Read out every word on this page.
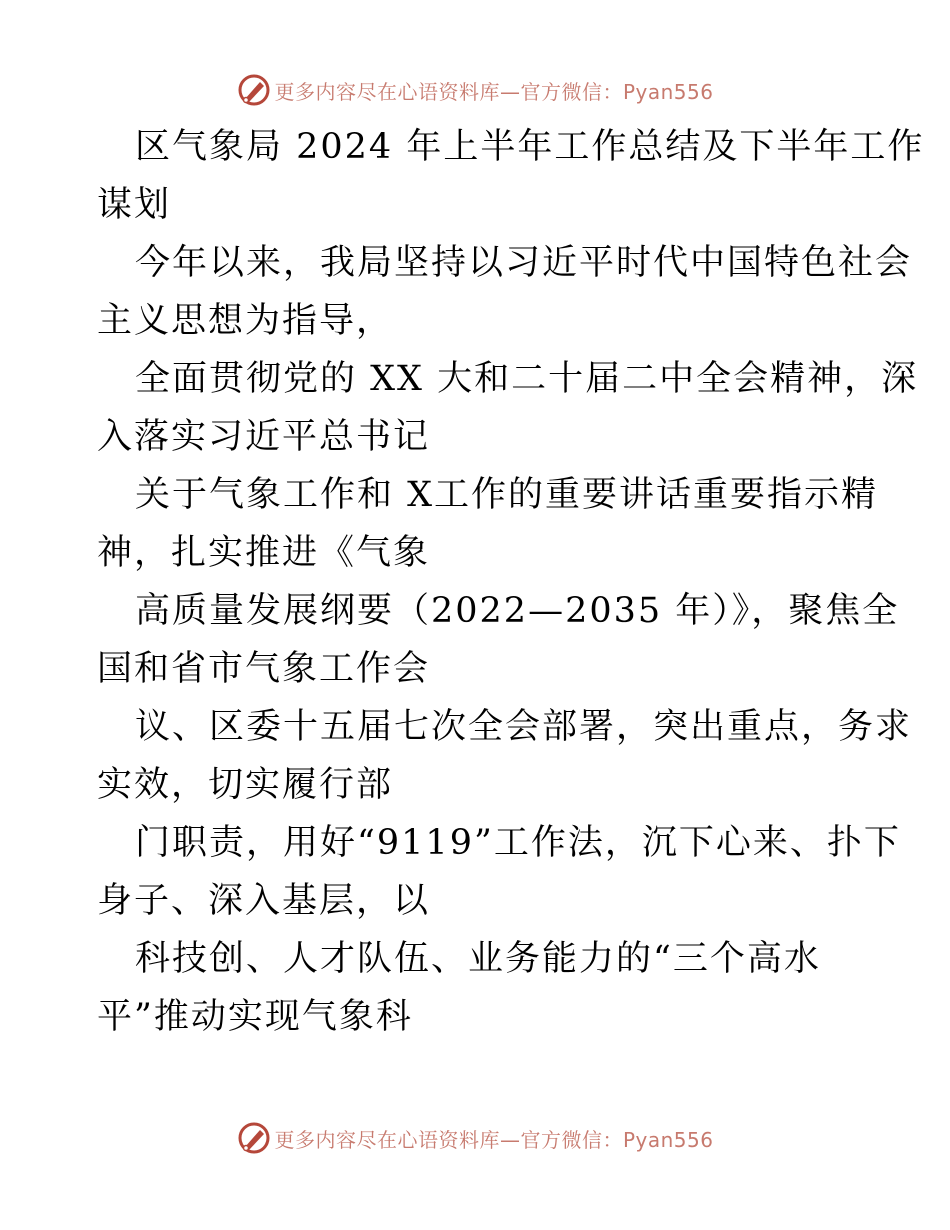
更多内容尽在心语资料库—官方微信：Pyan556

区气象局 2024 年上半年工作总结及下半年工作
谋划

今年以来，我局坚持以习近平时代中国特色社会
主义思想为指导，

全面贯彻党的 XX 大和二十届二中全会精神，深
入落实习近平总书记

关于气象工作和 X工作的重要讲话重要指示精
神，扎实推进《气象

高质量发展纲要（2022—2035 年）》，聚焦全
国和省市气象工作会

议、区委十五届七次全会部署，突出重点，务求
实效，切实履行部

门职责，用好“9119”工作法，沉下心来、扑下
身子、深入基层，以

科技创、人才队伍、业务能力的“三个高水
平”推动实现气象科

更多内容尽在心语资料库—官方微信：Pyan556
